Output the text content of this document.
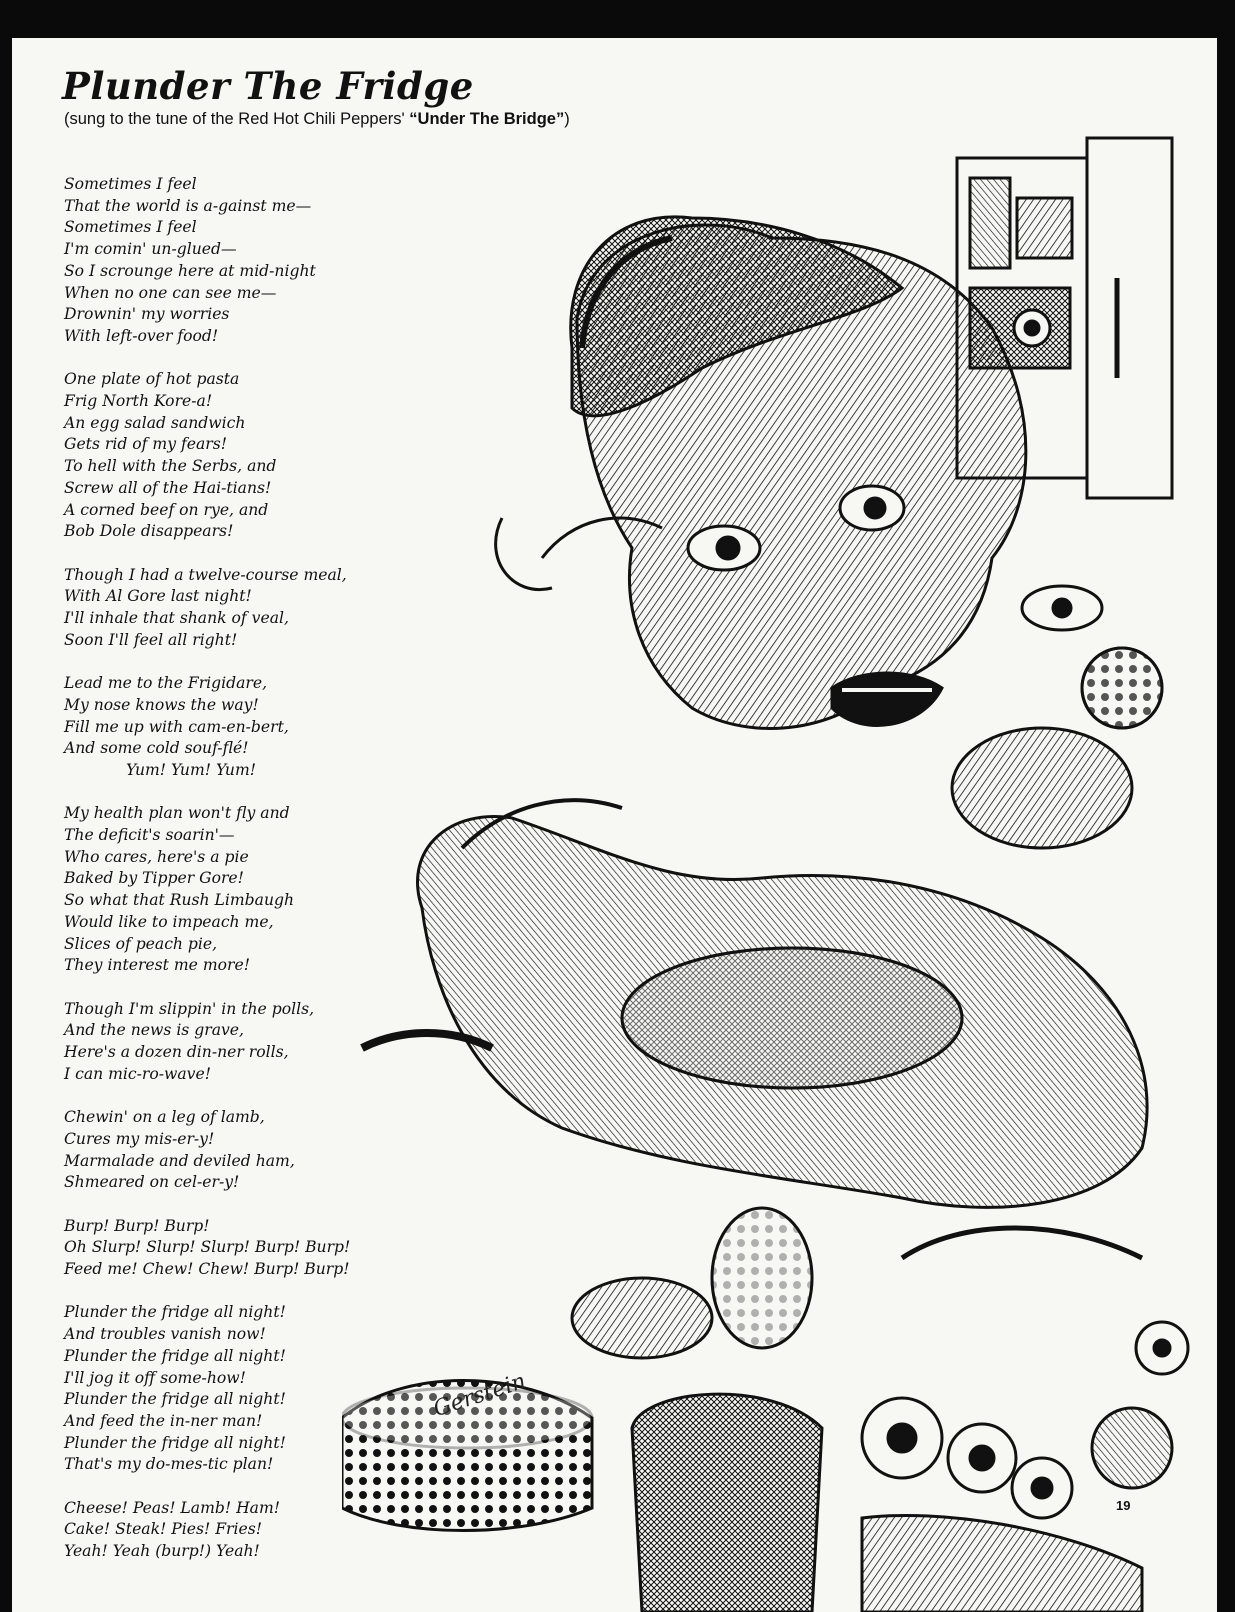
Plunder The Fridge

(sung to the tune of the Red Hot Chili Peppers' “Under The Bridge”)

Sometimes I feel
That the world is a-gainst me—
Sometimes I feel
I'm comin' un-glued—
So I scrounge here at mid-night
When no one can see me—
Drownin' my worries
With left-over food!
One plate of hot pasta
Frig North Kore-a!
An egg salad sandwich
Gets rid of my fears!
To hell with the Serbs, and
Screw all of the Hai-tians!
A corned beef on rye, and
Bob Dole disappears!
Though I had a twelve-course meal,
With Al Gore last night!
I'll inhale that shank of veal,
Soon I'll feel all right!
Lead me to the Frigidare,
My nose knows the way!
Fill me up with cam-en-bert,
And some cold souf-flé!
Yum! Yum! Yum!
My health plan won't fly and
The deficit's soarin'—
Who cares, here's a pie
Baked by Tipper Gore!
So what that Rush Limbaugh
Would like to impeach me,
Slices of peach pie,
They interest me more!
Though I'm slippin' in the polls,
And the news is grave,
Here's a dozen din-ner rolls,
I can mic-ro-wave!
Chewin' on a leg of lamb,
Cures my mis-er-y!
Marmalade and deviled ham,
Shmeared on cel-er-y!
Burp! Burp! Burp!
Oh Slurp! Slurp! Slurp! Burp! Burp!
Feed me! Chew! Chew! Burp! Burp!
Plunder the fridge all night!
And troubles vanish now!
Plunder the fridge all night!
I'll jog it off some-how!
Plunder the fridge all night!
And feed the in-ner man!
Plunder the fridge all night!
That's my do-mes-tic plan!
Cheese! Peas! Lamb! Ham!
Cake! Steak! Pies! Fries!
Yeah! Yeah (burp!) Yeah!
Gerstein
19
